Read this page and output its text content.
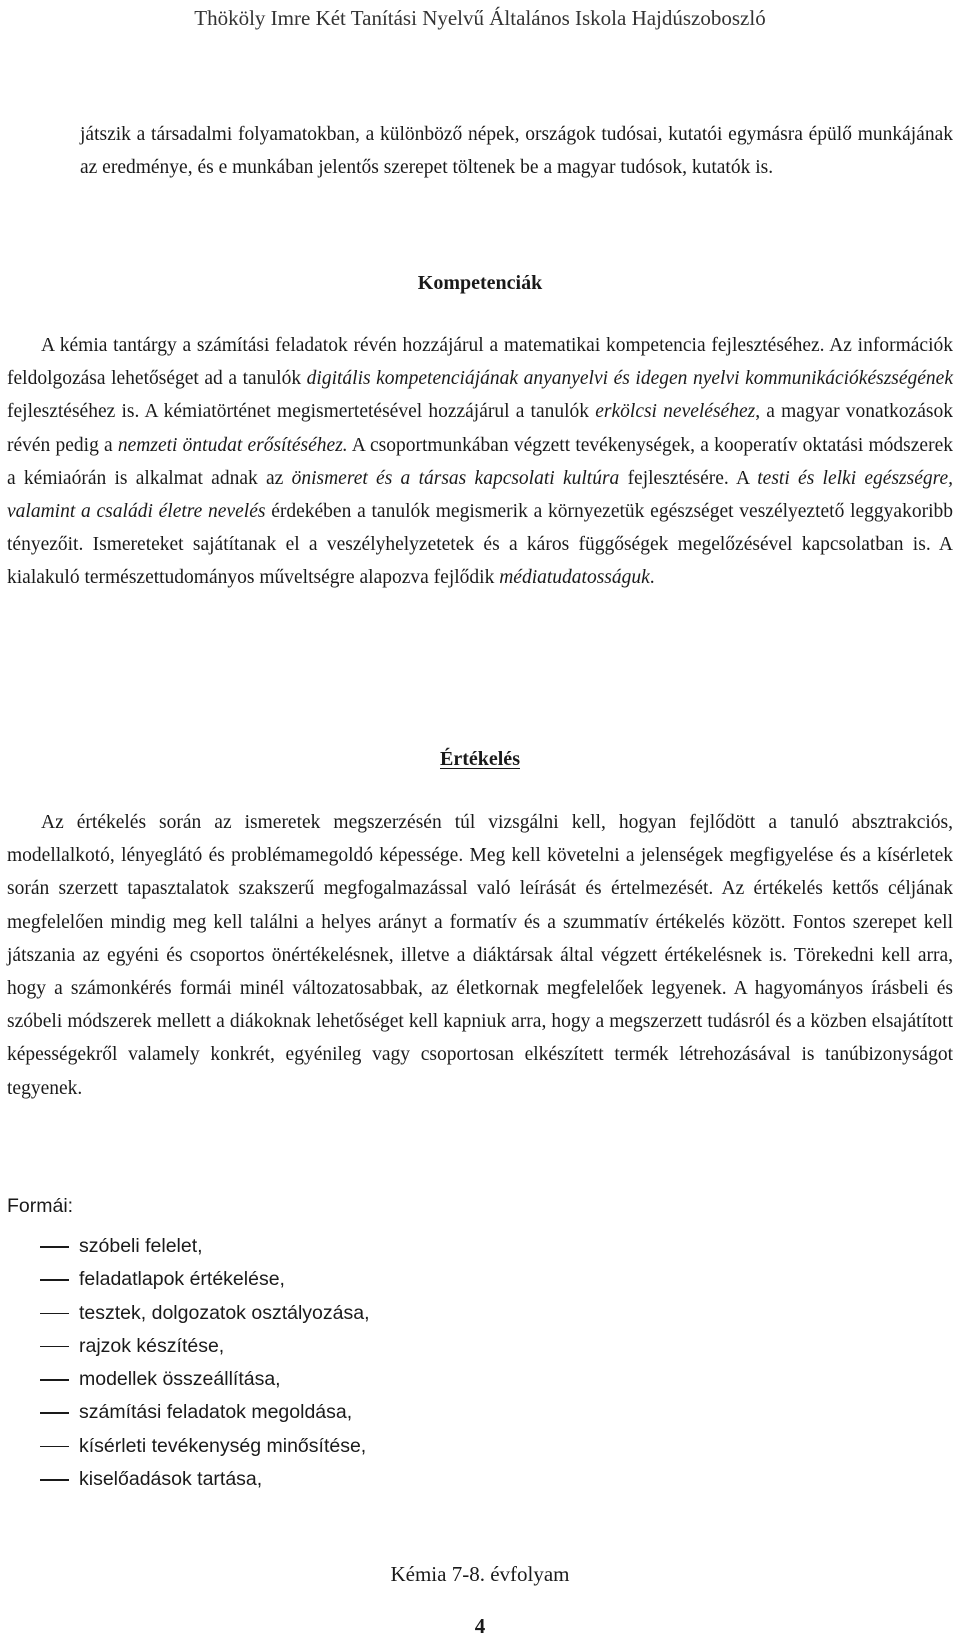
Thököly Imre Két Tanítási Nyelvű Általános Iskola Hajdúszoboszló
játszik a társadalmi folyamatokban, a különböző népek, országok tudósai, kutatói egymásra épülő munkájának az eredménye, és e munkában jelentős szerepet töltenek be a magyar tudósok, kutatók is.
Kompetenciák
A kémia tantárgy a számítási feladatok révén hozzájárul a matematikai kompetencia fejlesztéséhez. Az információk feldolgozása lehetőséget ad a tanulók digitális kompetenciájának anyanyelvi és idegen nyelvi kommunikációkészségének fejlesztéséhez is. A kémiatörténet megismertetésével hozzájárul a tanulók erkölcsi neveléséhez, a magyar vonatkozások révén pedig a nemzeti öntudat erősítéséhez. A csoportmunkában végzett tevékenységek, a kooperatív oktatási módszerek a kémiaórán is alkalmat adnak az önismeret és a társas kapcsolati kultúra fejlesztésére. A testi és lelki egészségre, valamint a családi életre nevelés érdekében a tanulók megismerik a környezetük egészséget veszélyeztető leggyakoribb tényezőit. Ismereteket sajátítanak el a veszélyhelyzetetek és a káros függőségek megelőzésével kapcsolatban is. A kialakuló természettudományos műveltségre alapozva fejlődik médiatudatosságuk.
Értékelés
Az értékelés során az ismeretek megszerzésén túl vizsgálni kell, hogyan fejlődött a tanuló absztrakciós, modellalkotó, lényeglátó és problémamegoldó képessége. Meg kell követelni a jelenségek megfigyelése és a kísérletek során szerzett tapasztalatok szakszerű megfogalmazással való leírását és értelmezését. Az értékelés kettős céljának megfelelően mindig meg kell találni a helyes arányt a formatív és a szummatív értékelés között. Fontos szerepet kell játszania az egyéni és csoportos önértékelésnek, illetve a diáktársak által végzett értékelésnek is. Törekedni kell arra, hogy a számonkérés formái minél változatosabbak, az életkornak megfelelőek legyenek. A hagyományos írásbeli és szóbeli módszerek mellett a diákoknak lehetőséget kell kapniuk arra, hogy a megszerzett tudásról és a közben elsajátított képességekről valamely konkrét, egyénileg vagy csoportosan elkészített termék létrehozásával is tanúbizonyságot tegyenek.
Formái:
szóbeli felelet,
feladatlapok értékelése,
tesztek, dolgozatok osztályozása,
rajzok készítése,
modellek összeállítása,
számítási feladatok megoldása,
kísérleti tevékenység minősítése,
kiselőadások tartása,
Kémia 7-8. évfolyam
4
